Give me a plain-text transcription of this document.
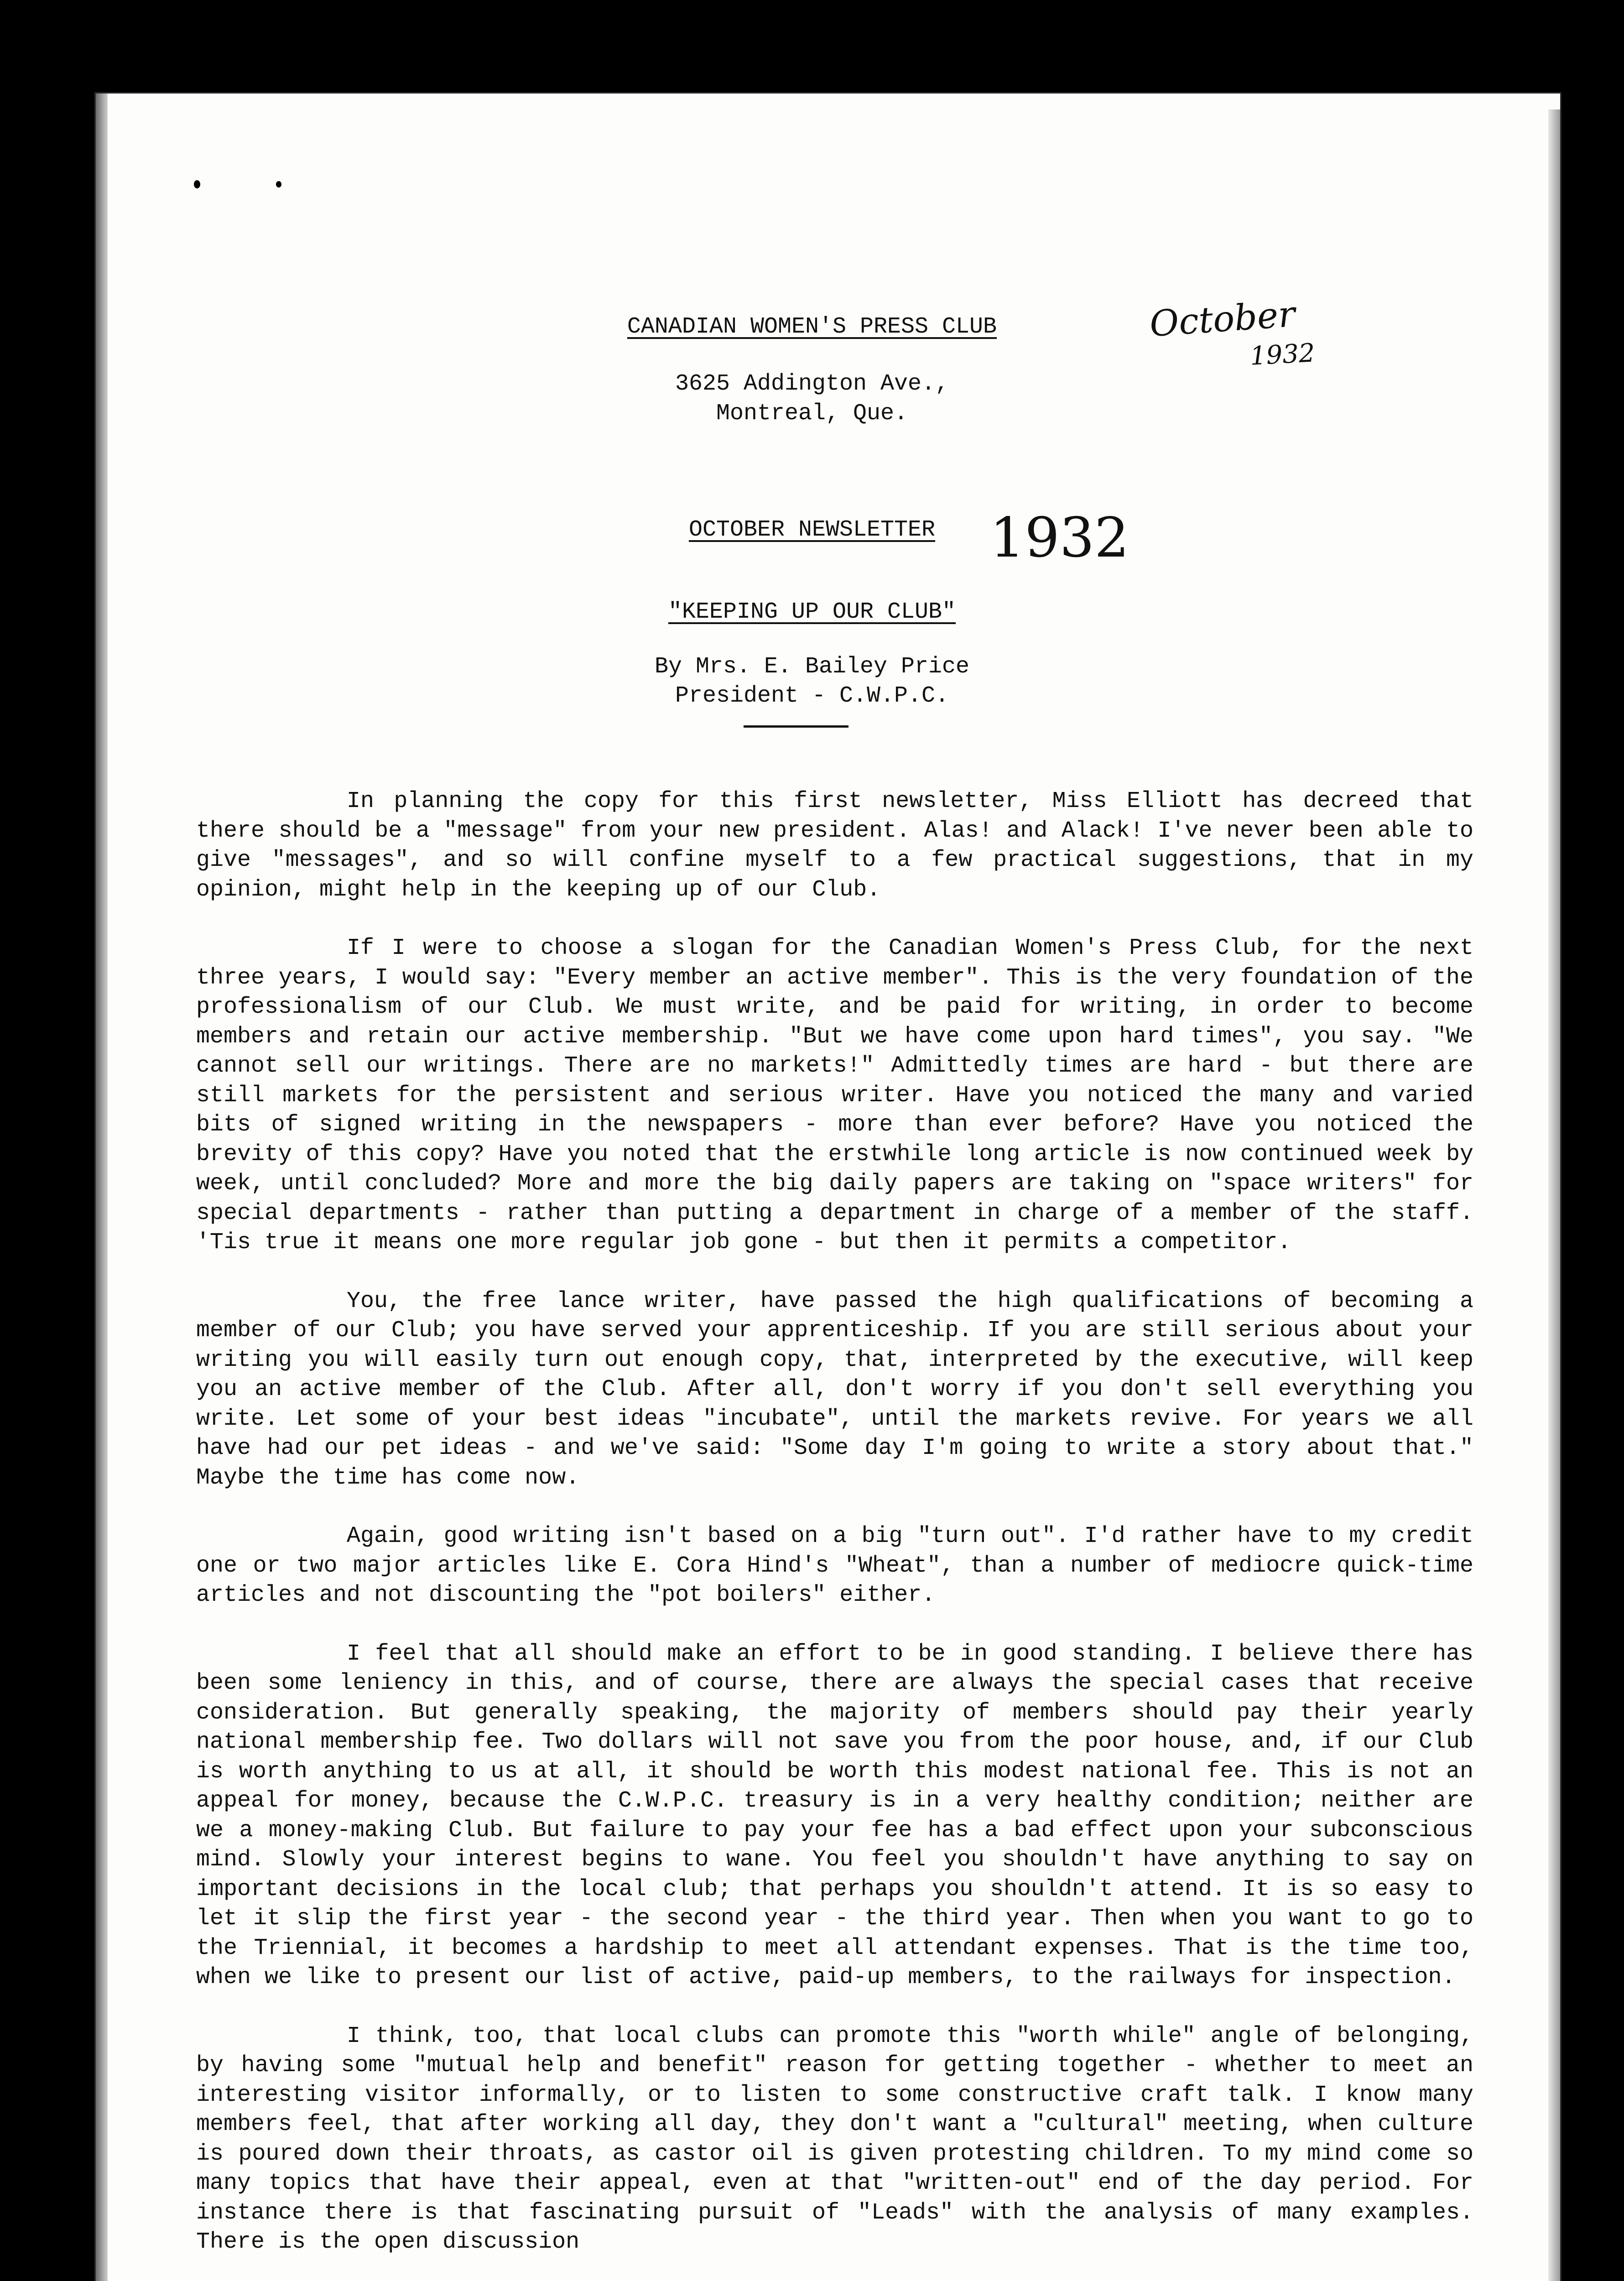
CANADIAN WOMEN'S PRESS CLUB
3625 Addington Ave.,
Montreal, Que.
OCTOBER NEWSLETTER
"KEEPING UP OUR CLUB"
By Mrs. E. Bailey Price
President - C.W.P.C.
October
1932
1932

In planning the copy for this first newsletter, Miss Elliott has decreed that there should be a "message" from your new president. Alas! and Alack! I've never been able to give "messages", and so will confine myself to a few practical suggestions, that in my opinion, might help in the keeping up of our Club.

If I were to choose a slogan for the Canadian Women's Press Club, for the next three years, I would say: "Every member an active member". This is the very foundation of the professionalism of our Club. We must write, and be paid for writing, in order to become members and retain our active membership. "But we have come upon hard times", you say. "We cannot sell our writings. There are no markets!" Admittedly times are hard - but there are still markets for the persistent and serious writer. Have you noticed the many and varied bits of signed writing in the newspapers - more than ever before? Have you noticed the brevity of this copy? Have you noted that the erstwhile long article is now continued week by week, until concluded? More and more the big daily papers are taking on "space writers" for special departments - rather than putting a department in charge of a member of the staff. 'Tis true it means one more regular job gone - but then it permits a competitor.

You, the free lance writer, have passed the high qualifications of becoming a member of our Club; you have served your apprenticeship. If you are still serious about your writing you will easily turn out enough copy, that, interpreted by the executive, will keep you an active member of the Club. After all, don't worry if you don't sell everything you write. Let some of your best ideas "incubate", until the markets revive. For years we all have had our pet ideas - and we've said: "Some day I'm going to write a story about that." Maybe the time has come now.

Again, good writing isn't based on a big "turn out". I'd rather have to my credit one or two major articles like E. Cora Hind's "Wheat", than a number of mediocre quick-time articles and not discounting the "pot boilers" either.

I feel that all should make an effort to be in good standing. I believe there has been some leniency in this, and of course, there are always the special cases that receive consideration. But generally speaking, the majority of members should pay their yearly national membership fee. Two dollars will not save you from the poor house, and, if our Club is worth anything to us at all, it should be worth this modest national fee. This is not an appeal for money, because the C.W.P.C. treasury is in a very healthy condition; neither are we a money-making Club. But failure to pay your fee has a bad effect upon your subconscious mind. Slowly your interest begins to wane. You feel you shouldn't have anything to say on important decisions in the local club; that perhaps you shouldn't attend. It is so easy to let it slip the first year - the second year - the third year. Then when you want to go to the Triennial, it becomes a hardship to meet all attendant expenses. That is the time too, when we like to present our list of active, paid-up members, to the railways for inspection.

I think, too, that local clubs can promote this "worth while" angle of belonging, by having some "mutual help and benefit" reason for getting together - whether to meet an interesting visitor informally, or to listen to some constructive craft talk. I know many members feel, that after working all day, they don't want a "cultural" meeting, when culture is poured down their throats, as castor oil is given protesting children. To my mind come so many topics that have their appeal, even at that "written-out" end of the day period. For instance there is that fascinating pursuit of "Leads" with the analysis of many examples. There is the open discussion
